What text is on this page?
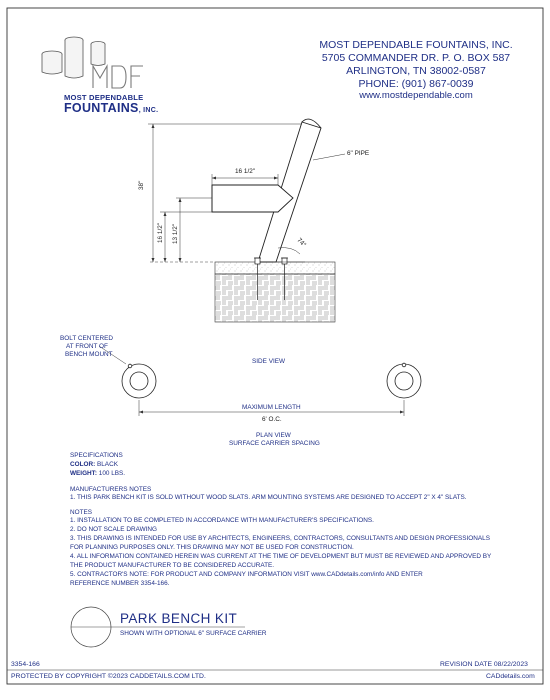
MOST DEPENDABLE
FOUNTAINS, INC.
MOST DEPENDABLE FOUNTAINS, INC.
5705 COMMANDER DR. P. O. BOX 587
ARLINGTON, TN 38002-0587
PHONE: (901) 867-0039
www.mostdependable.com
6" PIPE
16 1/2"
38"
16 1/2" 13 1/2"	74°
SIDE VIEW
BOLT CENTERED
AT FRONT OF
BENCH MOUNT
MAXIMUM LENGTH
6' O.C.
PLAN VIEW
SURFACE CARRIER SPACING
SPECIFICATIONS
COLOR: BLACK
WEIGHT: 100 LBS.
MANUFACTURERS NOTES
1. THIS PARK BENCH KIT IS SOLD WITHOUT WOOD SLATS. ARM MOUNTING SYSTEMS ARE DESIGNED TO ACCEPT 2" X 4" SLATS.
NOTES
1. INSTALLATION TO BE COMPLETED IN ACCORDANCE WITH MANUFACTURER'S SPECIFICATIONS.
2. DO NOT SCALE DRAWING
3. THIS DRAWING IS INTENDED FOR USE BY ARCHITECTS, ENGINEERS, CONTRACTORS, CONSULTANTS AND DESIGN PROFESSIONALS
FOR PLANNING PURPOSES ONLY. THIS DRAWING MAY NOT BE USED FOR CONSTRUCTION.
4. ALL INFORMATION CONTAINED HEREIN WAS CURRENT AT THE TIME OF DEVELOPMENT BUT MUST BE REVIEWED AND APPROVED BY
THE PRODUCT MANUFACTURER TO BE CONSIDERED ACCURATE.
5. CONTRACTOR'S NOTE: FOR PRODUCT AND COMPANY INFORMATION VISIT www.CADdetails.com/info AND ENTER
REFERENCE NUMBER 3354-166.
PARK BENCH KIT
SHOWN WITH OPTIONAL 6" SURFACE CARRIER
3354-166	REVISION DATE 08/22/2023
PROTECTED BY COPYRIGHT ©2023 CADDETAILS.COM LTD.	CADdetails.com
